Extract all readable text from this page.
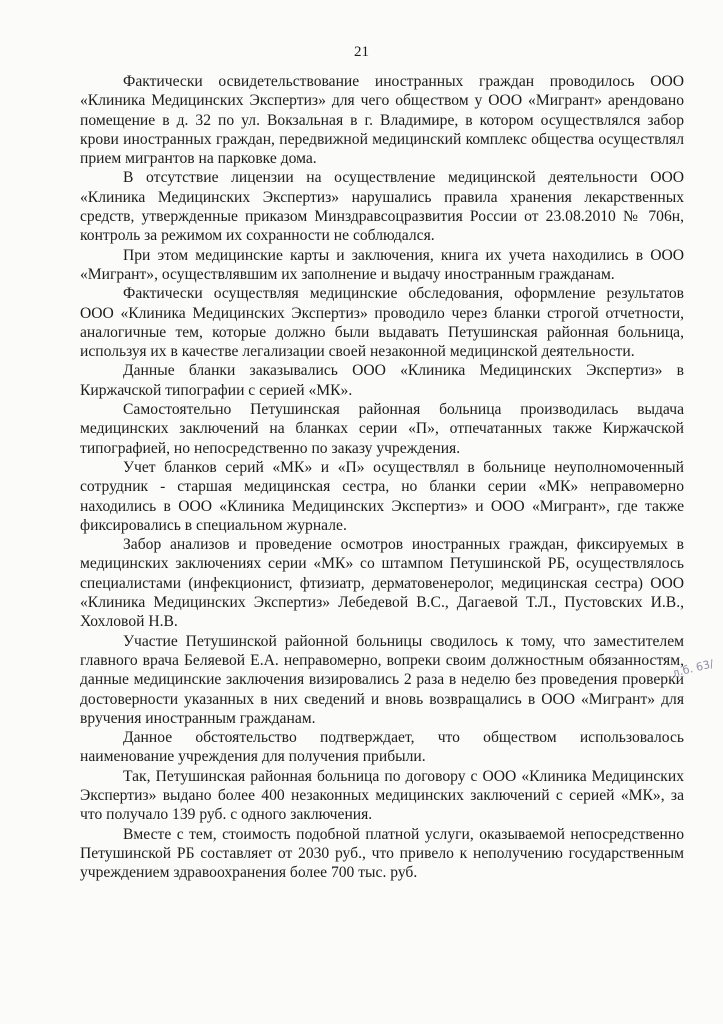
21

Фактически освидетельствование иностранных граждан проводилось ООО «Клиника Медицинских Экспертиз» для чего обществом у ООО «Мигрант» арендовано помещение в д. 32 по ул. Вокзальная в г. Владимире, в котором осуществлялся забор крови иностранных граждан, передвижной медицинский комплекс общества осуществлял прием мигрантов на парковке дома.

В отсутствие лицензии на осуществление медицинской деятельности ООО «Клиника Медицинских Экспертиз» нарушались правила хранения лекарственных средств, утвержденные приказом Минздравсоцразвития России от 23.08.2010 № 706н, контроль за режимом их сохранности не соблюдался.

При этом медицинские карты и заключения, книга их учета находились в ООО «Мигрант», осуществлявшим их заполнение и выдачу иностранным гражданам.

Фактически осуществляя медицинские обследования, оформление результатов ООО «Клиника Медицинских Экспертиз» проводило через бланки строгой отчетности, аналогичные тем, которые должно были выдавать Петушинская районная больница, используя их в качестве легализации своей незаконной медицинской деятельности.

Данные бланки заказывались ООО «Клиника Медицинских Экспертиз» в Киржачской типографии с серией «МК».

Самостоятельно Петушинская районная больница производилась выдача медицинских заключений на бланках серии «П», отпечатанных также Киржачской типографией, но непосредственно по заказу учреждения.

Учет бланков серий «МК» и «П» осуществлял в больнице неуполномоченный сотрудник - старшая медицинская сестра, но бланки серии «МК» неправомерно находились в ООО «Клиника Медицинских Экспертиз» и ООО «Мигрант», где также фиксировались в специальном журнале.

Забор анализов и проведение осмотров иностранных граждан, фиксируемых в медицинских заключениях серии «МК» со штампом Петушинской РБ, осуществлялось специалистами (инфекционист, фтизиатр, дерматовенеролог, медицинская сестра) ООО «Клиника Медицинских Экспертиз» Лебедевой В.С., Дагаевой Т.Л., Пустовских И.В., Хохловой Н.В.

Участие Петушинской районной больницы сводилось к тому, что заместителем главного врача Беляевой Е.А. неправомерно, вопреки своим должностным обязанностям, данные медицинские заключения визировались 2 раза в неделю без проведения проверки достоверности указанных в них сведений и вновь возвращались в ООО «Мигрант» для вручения иностранным гражданам.

Данное обстоятельство подтверждает, что обществом использовалось наименование учреждения для получения прибыли.

Так, Петушинская районная больница по договору с ООО «Клиника Медицинских Экспертиз» выдано более 400 незаконных медицинских заключений с серией «МК», за что получало 139 руб. с одного заключения.

Вместе с тем, стоимость подобной платной услуги, оказываемой непосредственно Петушинской РБ составляет от 2030 руб., что привело к неполучению государственным учреждением здравоохранения более 700 тыс. руб.

л.б. 63/
